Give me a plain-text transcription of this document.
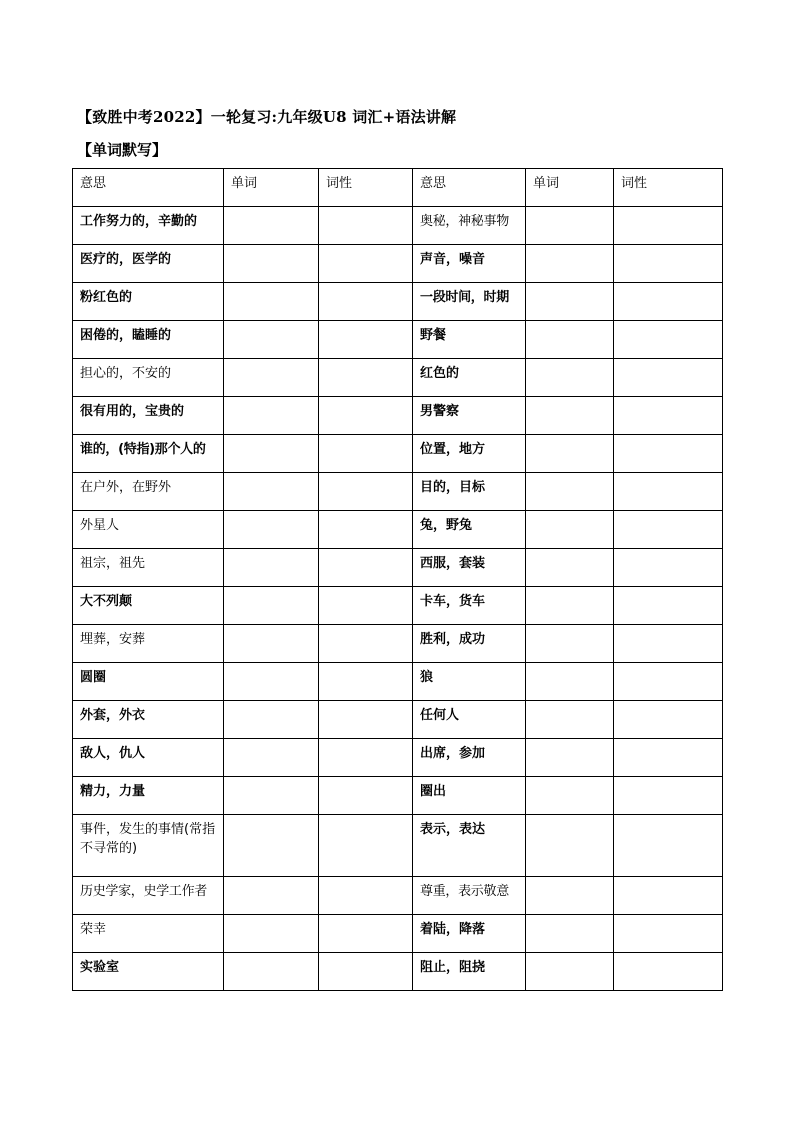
【致胜中考2022】一轮复习:九年级U8 词汇+语法讲解
【单词默写】
意思	单词	词性	意思	单词	词性
工作努力的，辛勤的			奥秘，神秘事物		
医疗的，医学的			声音，噪音		
粉红色的			一段时间，时期		
困倦的，瞌睡的			野餐		
担心的，不安的			红色的		
很有用的，宝贵的			男警察		
谁的，(特指)那个人的			位置，地方		
在户外，在野外			目的，目标		
外星人			兔，野兔		
祖宗，祖先			西服，套装		
大不列颠			卡车，货车		
埋葬，安葬			胜利，成功		
圆圈			狼		
外套，外衣			任何人		
敌人，仇人			出席，参加		
精力，力量			圈出		
事件，发生的事情(常指不寻常的)			表示，表达		
历史学家，史学工作者			尊重，表示敬意		
荣幸			着陆，降落		
实验室			阻止，阻挠		
